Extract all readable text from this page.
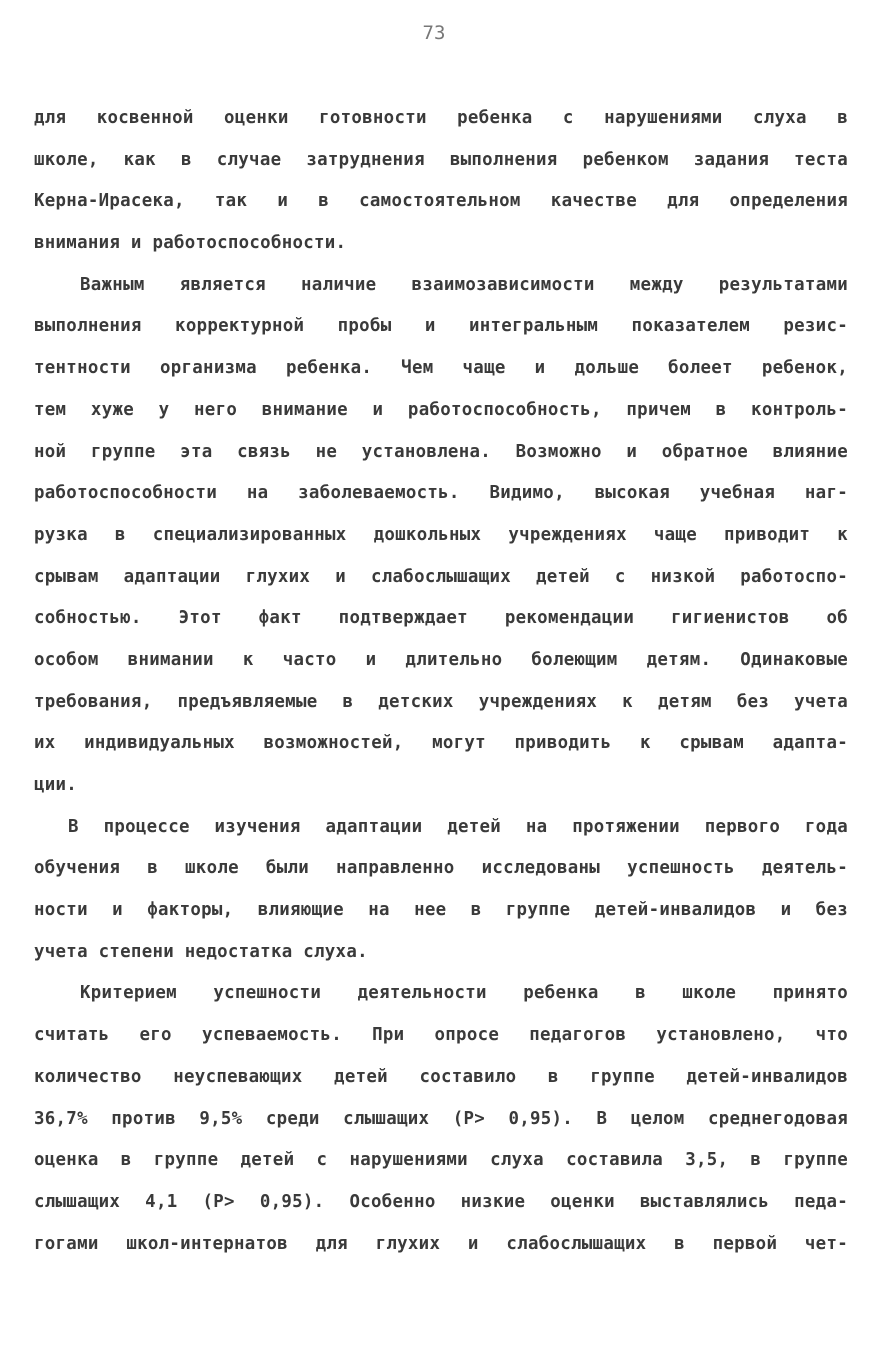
73
для косвенной оценки готовности ребенка с нарушениями слуха в
школе, как в случае затруднения выполнения ребенком задания теста
Керна-Ирасека, так и в самостоятельном качестве для определения
внимания и работоспособности.
Важным является наличие взаимозависимости между результатами
выполнения корректурной пробы и интегральным показателем резис-
тентности организма ребенка. Чем чаще и дольше болеет ребенок,
тем хуже у него внимание и работоспособность, причем в контроль-
ной группе эта связь не установлена. Возможно и обратное влияние
работоспособности на заболеваемость. Видимо, высокая учебная наг-
рузка в специализированных дошкольных учреждениях чаще приводит к
срывам адаптации глухих и слабослышащих детей с низкой работоспо-
собностью. Этот факт подтверждает рекомендации гигиенистов об
особом внимании к часто и длительно болеющим детям. Одинаковые
требования, предъявляемые в детских учреждениях к детям без учета
их индивидуальных возможностей, могут приводить к срывам адапта-
ции.
В процессе изучения адаптации детей на протяжении первого года
обучения в школе были направленно исследованы успешность деятель-
ности и факторы, влияющие на нее в группе детей-инвалидов и без
учета степени недостатка слуха.
Критерием успешности деятельности ребенка в школе принято
считать его успеваемость. При опросе педагогов установлено, что
количество неуспевающих детей составило в группе детей-инвалидов
36,7% против 9,5% среди слышащих (P> 0,95). В целом среднегодовая
оценка в группе детей с нарушениями слуха составила 3,5, в группе
слышащих 4,1 (P> 0,95). Особенно низкие оценки выставлялись педа-
гогами школ-интернатов для глухих и слабослышащих в первой чет-
